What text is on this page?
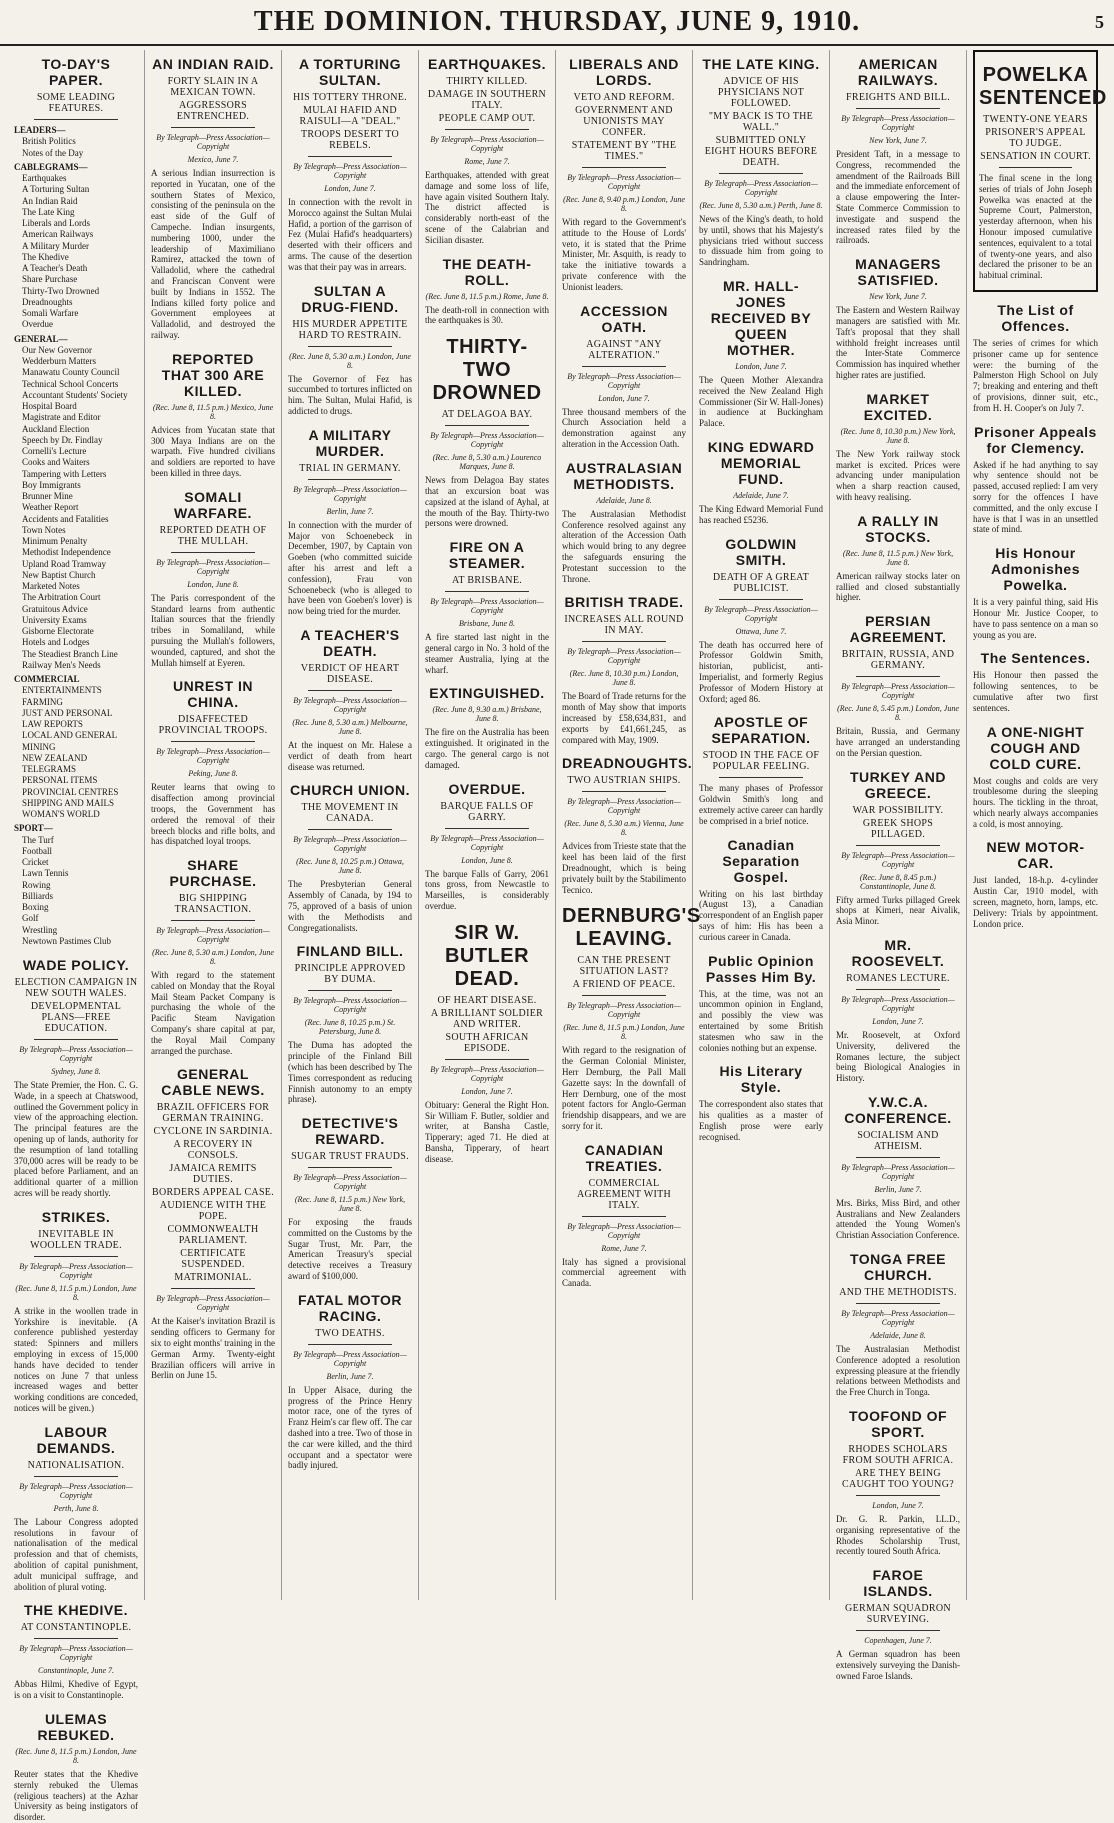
THE DOMINION. THURSDAY, JUNE 9, 1910.	5
TO-DAY'S PAPER.
SOME LEADING FEATURES.
LEADERS—
British Politics
Notes of the Day
CABLEGRAMS—
Earthquakes
A Torturing Sultan
An Indian Raid
The Late King
Liberals and Lords
American Railways
A Military Murder
The Khedive
A Teacher's Death
Share Purchase
Thirty-Two Drowned
Dreadnoughts
Somali Warfare
Overdue
GENERAL—
Our New Governor
Wedderburn Matters
Manawatu County Council
Technical School Concerts
Accountant Students' Society
Hospital Board
Magistrate and Editor
Auckland Election
Speech by Dr. Findlay
Cornelli's Lecture
Cooks and Waiters
Tampering with Letters
Boy Immigrants
Brunner Mine
Weather Report
Accidents and Fatalities
Town Notes
Minimum Penalty
Methodist Independence
Upland Road Tramway
New Baptist Church
Marketed Notes
The Arbitration Court
Gratuitous Advice
University Exams
Gisborne Electorate
Hotels and Lodges
The Steadiest Branch Line
Railway Men's Needs
COMMERCIAL
ENTERTAINMENTS
FARMING
JUST AND PERSONAL
LAW REPORTS
LOCAL AND GENERAL
MINING
NEW ZEALAND TELEGRAMS
PERSONAL ITEMS
PROVINCIAL CENTRES
SHIPPING AND MAILS
WOMAN'S WORLD
SPORT—
The Turf
Football
Cricket
Lawn Tennis
Rowing
Billiards
Boxing
Golf
Wrestling
Newtown Pastimes Club
WADE POLICY.
ELECTION CAMPAIGN IN NEW SOUTH WALES.
DEVELOPMENTAL PLANS—FREE EDUCATION.
By Telegraph—Press Association—Copyright
Sydney, June 8.
The State Premier, the Hon. C. G. Wade, in a speech at Chatswood, outlined the Government policy in view of the approaching election. The principal features are the opening up of lands, authority for the resumption of land totalling 370,000 acres will be ready to be placed before Parliament, and an additional quarter of a million acres will be ready shortly.
STRIKES.
INEVITABLE IN WOOLLEN TRADE.
By Telegraph—Press Association—Copyright
(Rec. June 8, 11.5 p.m.) London, June 8.
A strike in the woollen trade in Yorkshire is inevitable. (A conference published yesterday stated: Spinners and millers employing in excess of 15,000 hands have decided to tender notices on June 7 that unless increased wages and better working conditions are conceded, notices will be given.)
LABOUR DEMANDS.
NATIONALISATION.
By Telegraph—Press Association—Copyright
Perth, June 8.
The Labour Congress adopted resolutions in favour of nationalisation of the medical profession and that of chemists, abolition of capital punishment, adult municipal suffrage, and abolition of plural voting.
THE KHEDIVE.
AT CONSTANTINOPLE.
By Telegraph—Press Association—Copyright
Constantinople, June 7.
Abbas Hilmi, Khedive of Egypt, is on a visit to Constantinople.
ULEMAS REBUKED.
(Rec. June 8, 11.5 p.m.) London, June 8.
Reuter states that the Khedive sternly rebuked the Ulemas (religious teachers) at the Azhar University as being instigators of disorder.
AN INDIAN RAID.
FORTY SLAIN IN A MEXICAN TOWN.
AGGRESSORS ENTRENCHED.
By Telegraph—Press Association—Copyright
Mexico, June 7.
A serious Indian insurrection is reported in Yucatan, one of the southern States of Mexico, consisting of the peninsula on the east side of the Gulf of Campeche. Indian insurgents, numbering 1000, under the leadership of Maximiliano Ramirez, attacked the town of Valladolid, where the cathedral and Franciscan Convent were built by Indians in 1552. The Indians killed forty police and Government employees at Valladolid, and destroyed the railway.
REPORTED THAT 300 ARE KILLED.
(Rec. June 8, 11.5 p.m.) Mexico, June 8.
Advices from Yucatan state that 300 Maya Indians are on the warpath. Five hundred civilians and soldiers are reported to have been killed in three days.
SOMALI WARFARE.
REPORTED DEATH OF THE MULLAH.
By Telegraph—Press Association—Copyright
London, June 8.
The Paris correspondent of the Standard learns from authentic Italian sources that the friendly tribes in Somaliland, while pursuing the Mullah's followers, wounded, captured, and shot the Mullah himself at Eyeren.
UNREST IN CHINA.
DISAFFECTED PROVINCIAL TROOPS.
By Telegraph—Press Association—Copyright
Peking, June 8.
Reuter learns that owing to disaffection among provincial troops, the Government has ordered the removal of their breech blocks and rifle bolts, and has dispatched loyal troops.
SHARE PURCHASE.
BIG SHIPPING TRANSACTION.
By Telegraph—Press Association—Copyright
(Rec. June 8, 5.30 a.m.) London, June 8.
With regard to the statement cabled on Monday that the Royal Mail Steam Packet Company is purchasing the whole of the Pacific Steam Navigation Company's share capital at par, the Royal Mail Company arranged the purchase.
GENERAL CABLE NEWS.
BRAZIL OFFICERS FOR GERMAN TRAINING.
CYCLONE IN SARDINIA.
A RECOVERY IN CONSOLS.
JAMAICA REMITS DUTIES.
BORDERS APPEAL CASE.
AUDIENCE WITH THE POPE.
COMMONWEALTH PARLIAMENT.
CERTIFICATE SUSPENDED.
MATRIMONIAL.
By Telegraph—Press Association—Copyright
At the Kaiser's invitation Brazil is sending officers to Germany for six to eight months' training in the German Army. Twenty-eight Brazilian officers will arrive in Berlin on June 15.
A TORTURING SULTAN.
HIS TOTTERY THRONE.
MULAI HAFID AND RAISULI—A "DEAL."
TROOPS DESERT TO REBELS.
By Telegraph—Press Association—Copyright
London, June 7.
In connection with the revolt in Morocco against the Sultan Mulai Hafid, a portion of the garrison of Fez (Mulai Hafid's headquarters) deserted with their officers and arms. The cause of the desertion was that their pay was in arrears.
SULTAN A DRUG-FIEND.
HIS MURDER APPETITE HARD TO RESTRAIN.
(Rec. June 8, 5.30 a.m.) London, June 8.
The Governor of Fez has succumbed to tortures inflicted on him. The Sultan, Mulai Hafid, is addicted to drugs.
A MILITARY MURDER.
TRIAL IN GERMANY.
By Telegraph—Press Association—Copyright
Berlin, June 7.
In connection with the murder of Major von Schoenebeck in December, 1907, by Captain von Goeben (who committed suicide after his arrest and left a confession), Frau von Schoenebeck (who is alleged to have been von Goeben's lover) is now being tried for the murder.
A TEACHER'S DEATH.
VERDICT OF HEART DISEASE.
By Telegraph—Press Association—Copyright
(Rec. June 8, 5.30 a.m.) Melbourne, June 8.
At the inquest on Mr. Halese a verdict of death from heart disease was returned.
CHURCH UNION.
THE MOVEMENT IN CANADA.
By Telegraph—Press Association—Copyright
(Rec. June 8, 10.25 p.m.) Ottawa, June 8.
The Presbyterian General Assembly of Canada, by 194 to 75, approved of a basis of union with the Methodists and Congregationalists.
FINLAND BILL.
PRINCIPLE APPROVED BY DUMA.
By Telegraph—Press Association—Copyright
(Rec. June 8, 10.25 p.m.) St. Petersburg, June 8.
The Duma has adopted the principle of the Finland Bill (which has been described by The Times correspondent as reducing Finnish autonomy to an empty phrase).
DETECTIVE'S REWARD.
SUGAR TRUST FRAUDS.
By Telegraph—Press Association—Copyright
(Rec. June 8, 11.5 p.m.) New York, June 8.
For exposing the frauds committed on the Customs by the Sugar Trust, Mr. Parr, the American Treasury's special detective receives a Treasury award of $100,000.
FATAL MOTOR RACING.
TWO DEATHS.
By Telegraph—Press Association—Copyright
Berlin, June 7.
In Upper Alsace, during the progress of the Prince Henry motor race, one of the tyres of Franz Heim's car flew off. The car dashed into a tree. Two of those in the car were killed, and the third occupant and a spectator were badly injured.
EARTHQUAKES.
THIRTY KILLED.
DAMAGE IN SOUTHERN ITALY.
PEOPLE CAMP OUT.
By Telegraph—Press Association—Copyright
Rome, June 7.
Earthquakes, attended with great damage and some loss of life, have again visited Southern Italy. The district affected is considerably north-east of the scene of the Calabrian and Sicilian disaster.
THE DEATH-ROLL.
(Rec. June 8, 11.5 p.m.) Rome, June 8.
The death-roll in connection with the earthquakes is 30.
THIRTY-TWO DROWNED
AT DELAGOA BAY.
By Telegraph—Press Association—Copyright
(Rec. June 8, 5.30 a.m.) Lourenco Marques, June 8.
News from Delagoa Bay states that an excursion boat was capsized at the island of Ayhal, at the mouth of the Bay. Thirty-two persons were drowned.
FIRE ON A STEAMER.
AT BRISBANE.
By Telegraph—Press Association—Copyright
Brisbane, June 8.
A fire started last night in the general cargo in No. 3 hold of the steamer Australia, lying at the wharf.
EXTINGUISHED.
(Rec. June 8, 9.30 a.m.) Brisbane, June 8.
The fire on the Australia has been extinguished. It originated in the cargo. The general cargo is not damaged.
OVERDUE.
BARQUE FALLS OF GARRY.
By Telegraph—Press Association—Copyright
London, June 8.
The barque Falls of Garry, 2061 tons gross, from Newcastle to Marseilles, is considerably overdue.
SIR W. BUTLER DEAD.
OF HEART DISEASE.
A BRILLIANT SOLDIER AND WRITER.
SOUTH AFRICAN EPISODE.
By Telegraph—Press Association—Copyright
London, June 7.
Obituary: General the Right Hon. Sir William F. Butler, soldier and writer, at Bansha Castle, Tipperary; aged 71. He died at Bansha, Tipperary, of heart disease.
LIBERALS AND LORDS.
VETO AND REFORM.
GOVERNMENT AND UNIONISTS MAY CONFER.
STATEMENT BY "THE TIMES."
By Telegraph—Press Association—Copyright
(Rec. June 8, 9.40 p.m.) London, June 8.
With regard to the Government's attitude to the House of Lords' veto, it is stated that the Prime Minister, Mr. Asquith, is ready to take the initiative towards a private conference with the Unionist leaders.
ACCESSION OATH.
AGAINST "ANY ALTERATION."
By Telegraph—Press Association—Copyright
London, June 7.
Three thousand members of the Church Association held a demonstration against any alteration in the Accession Oath.
AUSTRALASIAN METHODISTS.
Adelaide, June 8.
The Australasian Methodist Conference resolved against any alteration of the Accession Oath which would bring to any degree the safeguards ensuring the Protestant succession to the Throne.
BRITISH TRADE.
INCREASES ALL ROUND IN MAY.
By Telegraph—Press Association—Copyright
(Rec. June 8, 10.30 p.m.) London, June 8.
The Board of Trade returns for the month of May show that imports increased by £58,634,831, and exports by £41,661,245, as compared with May, 1909.
DREADNOUGHTS.
TWO AUSTRIAN SHIPS.
By Telegraph—Press Association—Copyright
(Rec. June 8, 5.30 a.m.) Vienna, June 8.
Advices from Trieste state that the keel has been laid of the first Dreadnought, which is being privately built by the Stabilimento Tecnico.
DERNBURG'S LEAVING.
CAN THE PRESENT SITUATION LAST?
A FRIEND OF PEACE.
By Telegraph—Press Association—Copyright
(Rec. June 8, 11.5 p.m.) London, June 8.
With regard to the resignation of the German Colonial Minister, Herr Dernburg, the Pall Mall Gazette says: In the downfall of Herr Dernburg, one of the most potent factors for Anglo-German friendship disappears, and we are sorry for it.
CANADIAN TREATIES.
COMMERCIAL AGREEMENT WITH ITALY.
By Telegraph—Press Association—Copyright
Rome, June 7.
Italy has signed a provisional commercial agreement with Canada.
THE LATE KING.
ADVICE OF HIS PHYSICIANS NOT FOLLOWED.
"MY BACK IS TO THE WALL."
SUBMITTED ONLY EIGHT HOURS BEFORE DEATH.
By Telegraph—Press Association—Copyright
(Rec. June 8, 5.30 a.m.) Perth, June 8.
News of the King's death, to hold by until, shows that his Majesty's physicians tried without success to dissuade him from going to Sandringham.
MR. HALL-JONES RECEIVED BY QUEEN MOTHER.
London, June 7.
The Queen Mother Alexandra received the New Zealand High Commissioner (Sir W. Hall-Jones) in audience at Buckingham Palace.
KING EDWARD MEMORIAL FUND.
Adelaide, June 7.
The King Edward Memorial Fund has reached £5236.
GOLDWIN SMITH.
DEATH OF A GREAT PUBLICIST.
By Telegraph—Press Association—Copyright
Ottawa, June 7.
The death has occurred here of Professor Goldwin Smith, historian, publicist, anti-Imperialist, and formerly Regius Professor of Modern History at Oxford; aged 86.
APOSTLE OF SEPARATION.
STOOD IN THE FACE OF POPULAR FEELING.
The many phases of Professor Goldwin Smith's long and extremely active career can hardly be comprised in a brief notice.
Canadian Separation Gospel.
Writing on his last birthday (August 13), a Canadian correspondent of an English paper says of him: His has been a curious career in Canada.
Public Opinion Passes Him By.
This, at the time, was not an uncommon opinion in England, and possibly the view was entertained by some British statesmen who saw in the colonies nothing but an expense.
His Literary Style.
The correspondent also states that his qualities as a master of English prose were early recognised.
AMERICAN RAILWAYS.
FREIGHTS AND BILL.
By Telegraph—Press Association—Copyright
New York, June 7.
President Taft, in a message to Congress, recommended the amendment of the Railroads Bill and the immediate enforcement of a clause empowering the Inter-State Commerce Commission to investigate and suspend the increased rates filed by the railroads.
MANAGERS SATISFIED.
New York, June 7.
The Eastern and Western Railway managers are satisfied with Mr. Taft's proposal that they shall withhold freight increases until the Inter-State Commerce Commission has inquired whether higher rates are justified.
MARKET EXCITED.
(Rec. June 8, 10.30 p.m.) New York, June 8.
The New York railway stock market is excited. Prices were advancing under manipulation when a sharp reaction caused, with heavy realising.
A RALLY IN STOCKS.
(Rec. June 8, 11.5 p.m.) New York, June 8.
American railway stocks later on rallied and closed substantially higher.
PERSIAN AGREEMENT.
BRITAIN, RUSSIA, AND GERMANY.
By Telegraph—Press Association—Copyright
(Rec. June 8, 5.45 p.m.) London, June 8.
Britain, Russia, and Germany have arranged an understanding on the Persian question.
TURKEY AND GREECE.
WAR POSSIBILITY.
GREEK SHOPS PILLAGED.
By Telegraph—Press Association—Copyright
(Rec. June 8, 8.45 p.m.) Constantinople, June 8.
Fifty armed Turks pillaged Greek shops at Kimeri, near Aivalik, Asia Minor.
MR. ROOSEVELT.
ROMANES LECTURE.
By Telegraph—Press Association—Copyright
London, June 7.
Mr. Roosevelt, at Oxford University, delivered the Romanes lecture, the subject being Biological Analogies in History.
Y.W.C.A. CONFERENCE.
SOCIALISM AND ATHEISM.
By Telegraph—Press Association—Copyright
Berlin, June 7.
Mrs. Birks, Miss Bird, and other Australians and New Zealanders attended the Young Women's Christian Association Conference.
TONGA FREE CHURCH.
AND THE METHODISTS.
By Telegraph—Press Association—Copyright
Adelaide, June 8.
The Australasian Methodist Conference adopted a resolution expressing pleasure at the friendly relations between Methodists and the Free Church in Tonga.
TOOFOND OF SPORT.
RHODES SCHOLARS FROM SOUTH AFRICA.
ARE THEY BEING CAUGHT TOO YOUNG?
London, June 7.
Dr. G. R. Parkin, LL.D., organising representative of the Rhodes Scholarship Trust, recently toured South Africa.
FAROE ISLANDS.
GERMAN SQUADRON SURVEYING.
Copenhagen, June 7.
A German squadron has been extensively surveying the Danish-owned Faroe Islands.
POWELKA SENTENCED
TWENTY-ONE YEARS
PRISONER'S APPEAL TO JUDGE.
SENSATION IN COURT.
The final scene in the long series of trials of John Joseph Powelka was enacted at the Supreme Court, Palmerston, yesterday afternoon, when his Honour imposed cumulative sentences, equivalent to a total of twenty-one years, and also declared the prisoner to be an habitual criminal.
The List of Offences.
The series of crimes for which prisoner came up for sentence were: the burning of the Palmerston High School on July 7; breaking and entering and theft of provisions, dinner suit, etc., from H. H. Cooper's on July 7.
Prisoner Appeals for Clemency.
Asked if he had anything to say why sentence should not be passed, accused replied: I am very sorry for the offences I have committed, and the only excuse I have is that I was in an unsettled state of mind.
His Honour Admonishes Powelka.
It is a very painful thing, said His Honour Mr. Justice Cooper, to have to pass sentence on a man so young as you are.
The Sentences.
His Honour then passed the following sentences, to be cumulative after two first sentences.
A ONE-NIGHT COUGH AND COLD CURE.
Most coughs and colds are very troublesome during the sleeping hours. The tickling in the throat, which nearly always accompanies a cold, is most annoying.
NEW MOTOR-CAR.
Just landed, 18-h.p. 4-cylinder Austin Car, 1910 model, with screen, magneto, horn, lamps, etc. Delivery: Trials by appointment. London price.
